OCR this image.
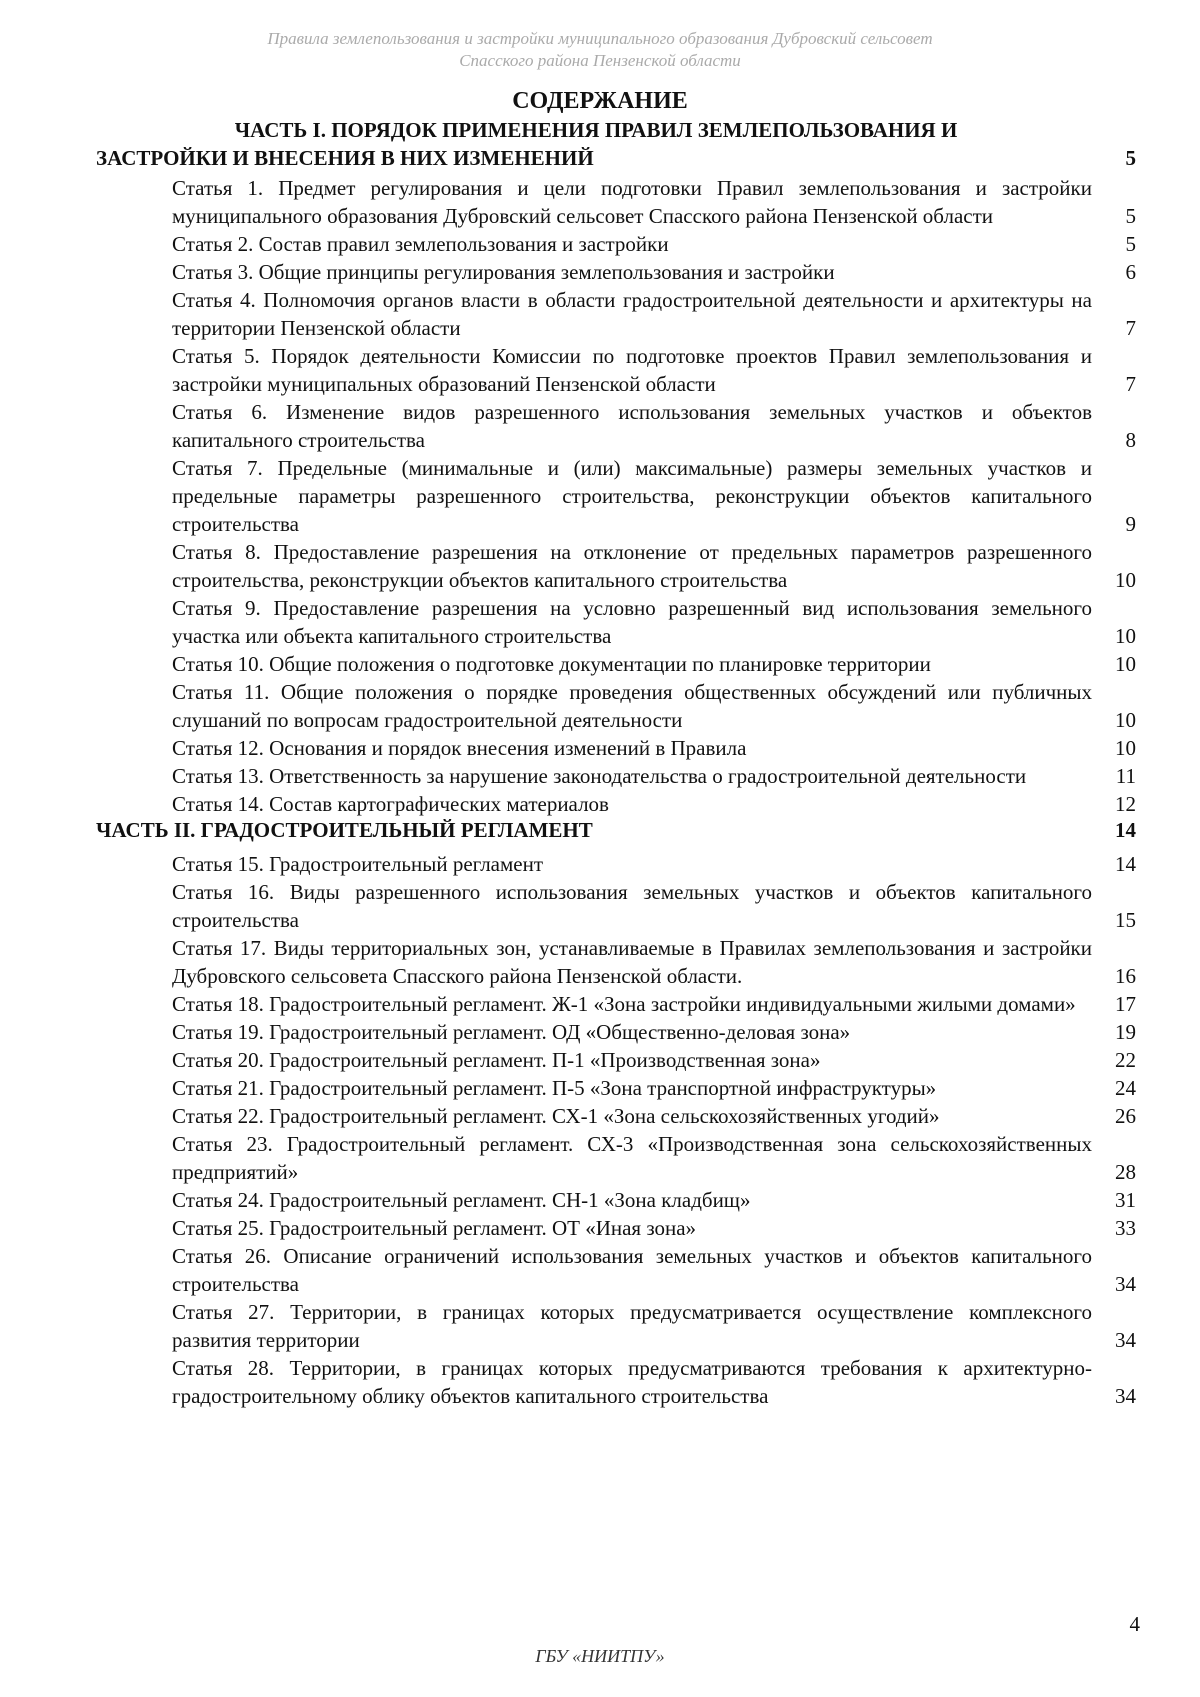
Правила землепользования и застройки муниципального образования Дубровский сельсовет
Спасского района Пензенской области
СОДЕРЖАНИЕ
ЧАСТЬ I. ПОРЯДОК ПРИМЕНЕНИЯ ПРАВИЛ ЗЕМЛЕПОЛЬЗОВАНИЯ И
ЗАСТРОЙКИ И ВНЕСЕНИЯ В НИХ ИЗМЕНЕНИЙ	5
Статья 1. Предмет регулирования и цели подготовки Правил землепользования и застройки муниципального образования Дубровский сельсовет Спасского района Пензенской области	5
Статья 2. Состав правил землепользования и застройки	5
Статья 3. Общие принципы регулирования землепользования и застройки	6
Статья 4. Полномочия органов власти в области градостроительной деятельности и архитектуры на территории Пензенской области	7
Статья 5. Порядок деятельности Комиссии по подготовке проектов Правил землепользования и застройки муниципальных образований Пензенской области	7
Статья 6. Изменение видов разрешенного использования земельных участков и объектов капитального строительства	8
Статья 7. Предельные (минимальные и (или) максимальные) размеры земельных участков и предельные параметры разрешенного строительства, реконструкции объектов капитального строительства	9
Статья 8. Предоставление разрешения на отклонение от предельных параметров разрешенного строительства, реконструкции объектов капитального строительства	10
Статья 9. Предоставление разрешения на условно разрешенный вид использования земельного участка или объекта капитального строительства	10
Статья 10. Общие положения о подготовке документации по планировке территории	10
Статья 11. Общие положения о порядке проведения общественных обсуждений или публичных слушаний по вопросам градостроительной деятельности	10
Статья 12. Основания и порядок внесения изменений в Правила	10
Статья 13. Ответственность за нарушение законодательства о градостроительной деятельности	11
Статья 14. Состав картографических материалов	12
ЧАСТЬ II. ГРАДОСТРОИТЕЛЬНЫЙ РЕГЛАМЕНТ	14
Статья 15. Градостроительный регламент	14
Статья 16. Виды разрешенного использования земельных участков и объектов капитального строительства	15
Статья 17. Виды территориальных зон, устанавливаемые в Правилах землепользования и застройки Дубровского сельсовета Спасского района Пензенской области.	16
Статья 18. Градостроительный регламент. Ж-1 «Зона застройки индивидуальными жилыми домами»	17
Статья 19. Градостроительный регламент. ОД «Общественно-деловая зона»	19
Статья 20. Градостроительный регламент. П-1 «Производственная зона»	22
Статья 21. Градостроительный регламент. П-5 «Зона транспортной инфраструктуры»	24
Статья 22. Градостроительный регламент. СХ-1 «Зона сельскохозяйственных угодий»	26
Статья 23. Градостроительный регламент. СХ-3 «Производственная зона сельскохозяйственных предприятий»	28
Статья 24. Градостроительный регламент. СН-1 «Зона кладбищ»	31
Статья 25. Градостроительный регламент. ОТ «Иная зона»	33
Статья 26. Описание ограничений использования земельных участков и объектов капитального строительства	34
Статья 27. Территории, в границах которых предусматривается осуществление комплексного развития территории	34
Статья 28. Территории, в границах которых предусматриваются требования к архитектурно-градостроительному облику объектов капитального строительства	34
4
ГБУ «НИИТПУ»
